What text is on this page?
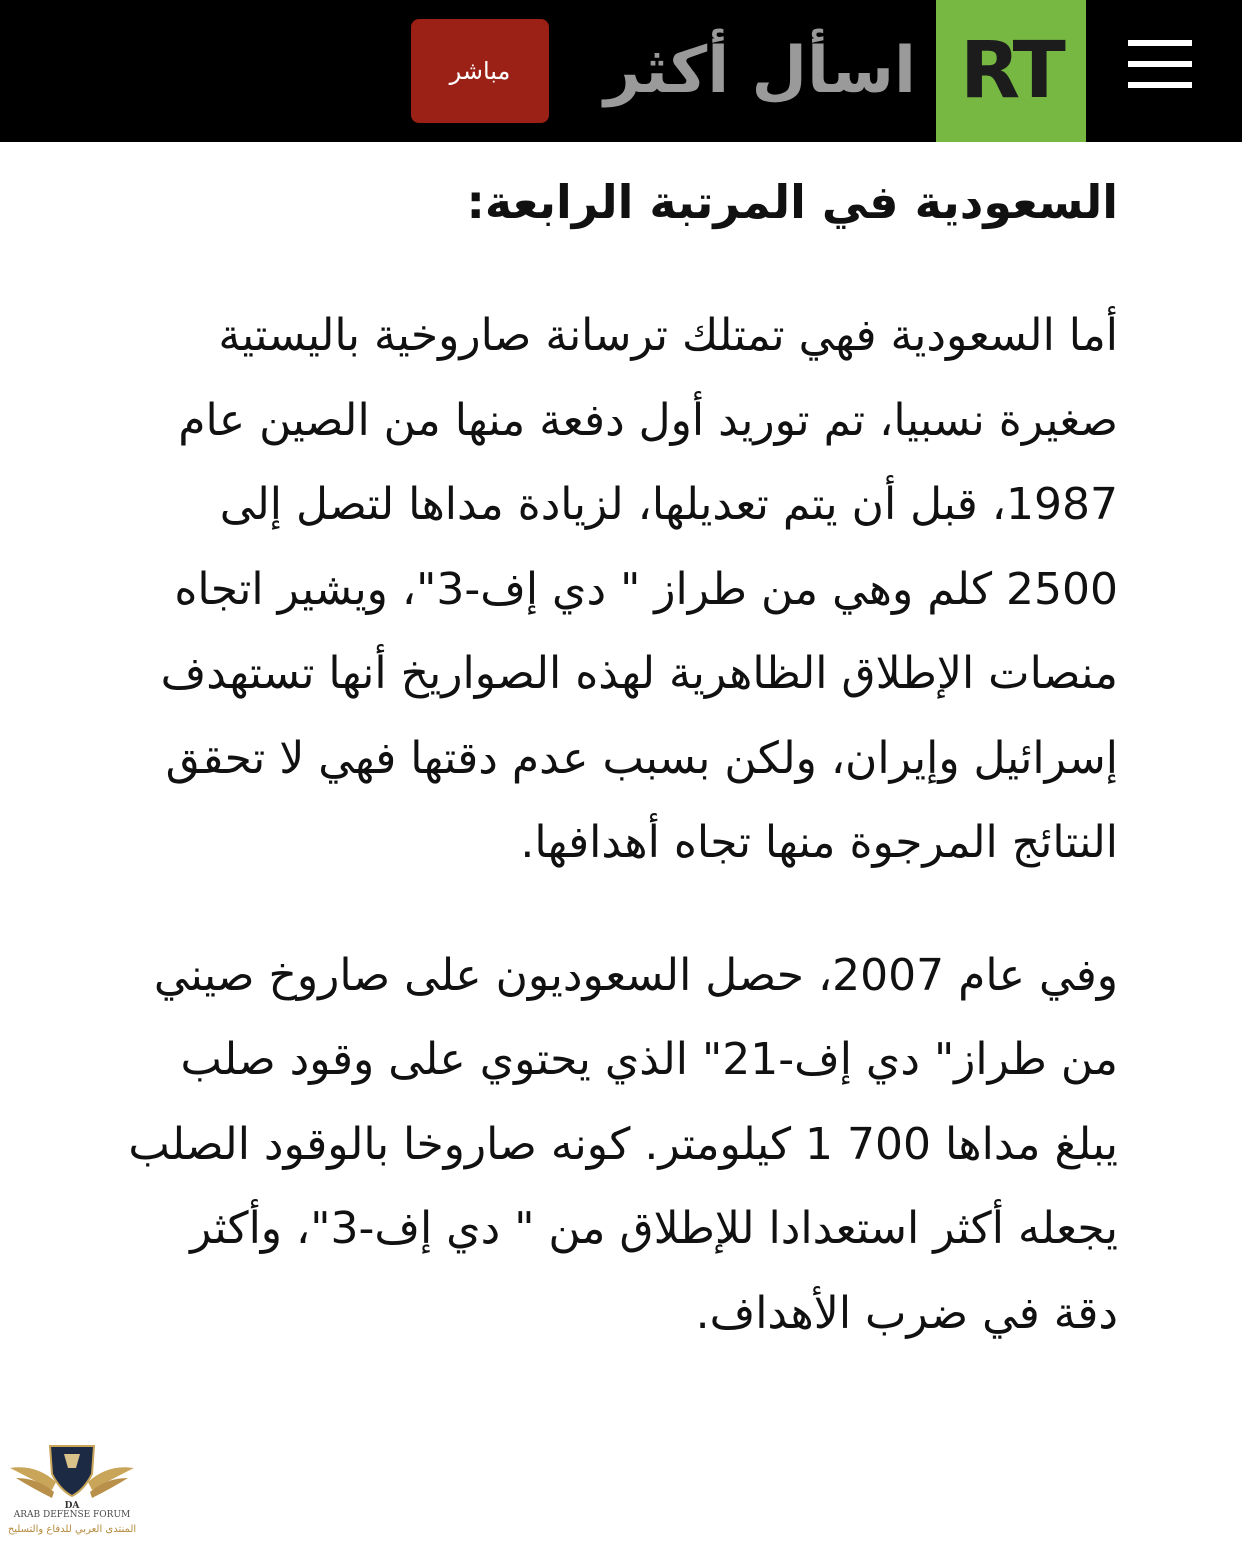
مباشر اسأل أكثر RT
السعودية في المرتبة الرابعة:

أما السعودية فهي تمتلك ترسانة صاروخية باليستية صغيرة نسبيا، تم توريد أول دفعة منها من الصين عام 1987، قبل أن يتم تعديلها، لزيادة مداها لتصل إلى 2500 كلم وهي من طراز " دي إف-3"، ويشير اتجاه منصات الإطلاق الظاهرية لهذه الصواريخ أنها تستهدف إسرائيل وإيران، ولكن بسبب عدم دقتها فهي لا تحقق النتائج المرجوة منها تجاه أهدافها.

وفي عام 2007، حصل السعوديون على صاروخ صيني من طراز" دي إف-21" الذي يحتوي على وقود صلب يبلغ مداها 700 1 كيلومتر. كونه صاروخا بالوقود الصلب يجعله أكثر استعدادا للإطلاق من " دي إف-3"، وأكثر دقة في ضرب الأهداف.

DA
ARAB DEFENSE FORUM
المنتدى العربي للدفاع والتسليح
